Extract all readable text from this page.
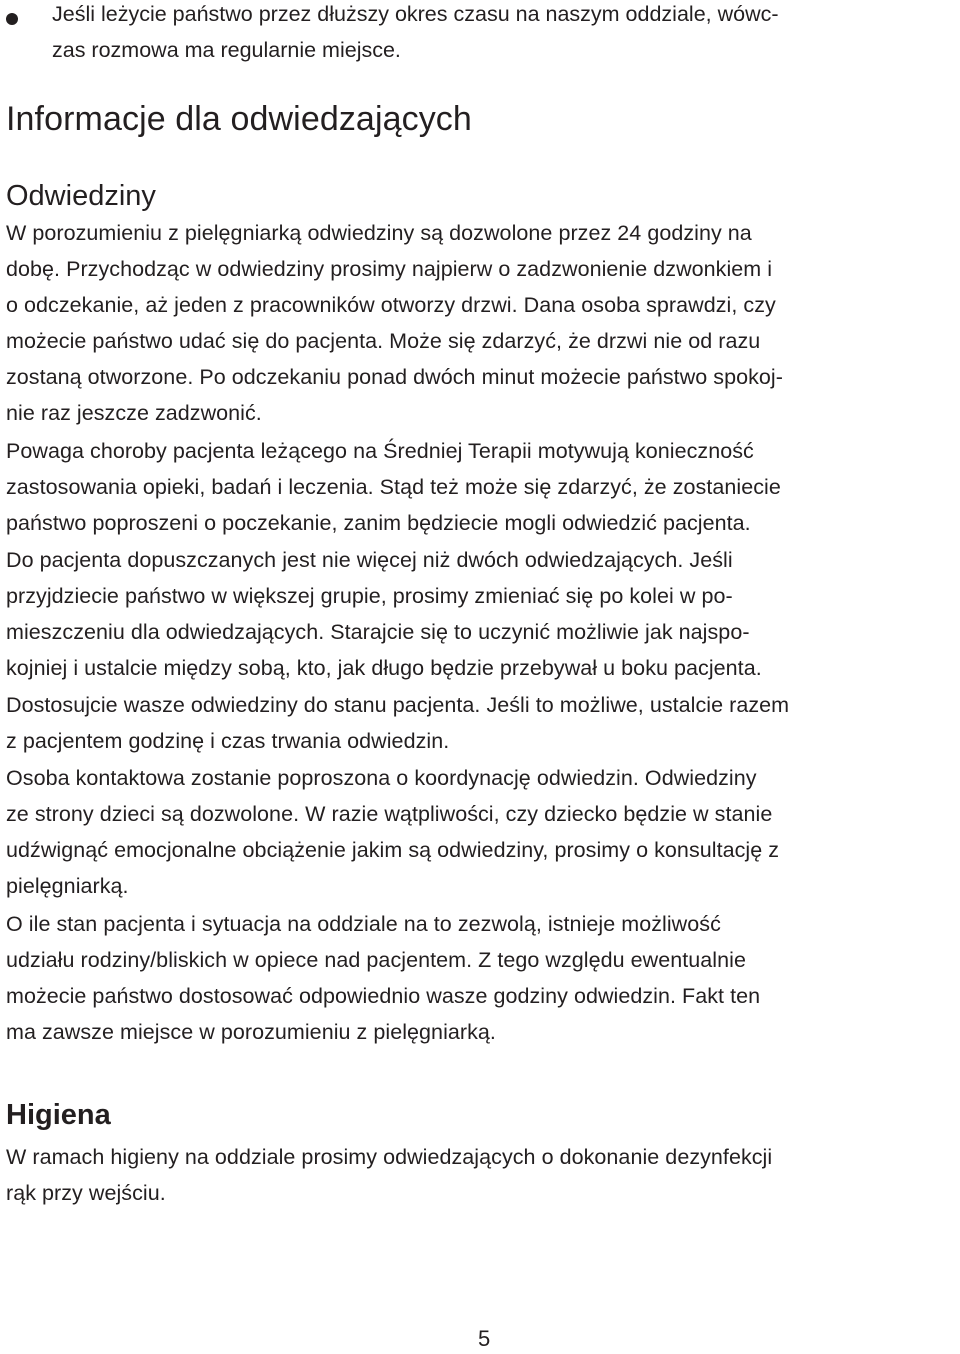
Jeśli leżycie państwo przez dłuższy okres czasu na naszym oddziale, wówc-
zas rozmowa ma regularnie miejsce.
Informacje dla odwiedzających
Odwiedziny
W porozumieniu z pielęgniarką odwiedziny są dozwolone przez 24 godziny na
dobę. Przychodząc w odwiedziny prosimy najpierw o zadzwonienie dzwonkiem i
o odczekanie, aż jeden z pracowników otworzy drzwi. Dana osoba sprawdzi, czy
możecie państwo udać się do pacjenta. Może się zdarzyć, że drzwi nie od razu
zostaną otworzone. Po odczekaniu ponad dwóch minut możecie państwo spokoj-
nie raz jeszcze zadzwonić.
Powaga choroby pacjenta leżącego na Średniej Terapii motywują konieczność
zastosowania opieki, badań i leczenia. Stąd też może się zdarzyć, że zostaniecie
państwo poproszeni o poczekanie, zanim będziecie mogli odwiedzić pacjenta.
Do pacjenta dopuszczanych jest nie więcej niż dwóch odwiedzających. Jeśli
przyjdziecie państwo w większej grupie, prosimy zmieniać się po kolei w po-
mieszczeniu dla odwiedzających. Starajcie się to uczynić możliwie jak najspo-
kojniej i ustalcie między sobą, kto, jak długo będzie przebywał u boku pacjenta.
Dostosujcie wasze odwiedziny do stanu pacjenta. Jeśli to możliwe, ustalcie razem
z pacjentem godzinę i czas trwania odwiedzin.
Osoba kontaktowa zostanie poproszona o koordynację odwiedzin. Odwiedziny
ze strony dzieci są dozwolone. W razie wątpliwości, czy dziecko będzie w stanie
udźwignąć emocjonalne obciążenie jakim są odwiedziny, prosimy o konsultację z
pielęgniarką.
O ile stan pacjenta i sytuacja na oddziale na to zezwolą, istnieje możliwość
udziału rodziny/bliskich w opiece nad pacjentem. Z tego względu ewentualnie
możecie państwo dostosować odpowiednio wasze godziny odwiedzin. Fakt ten
ma zawsze miejsce w porozumieniu z pielęgniarką.
Higiena
W ramach higieny na oddziale prosimy odwiedzających o dokonanie dezynfekcji
rąk przy wejściu.
5
